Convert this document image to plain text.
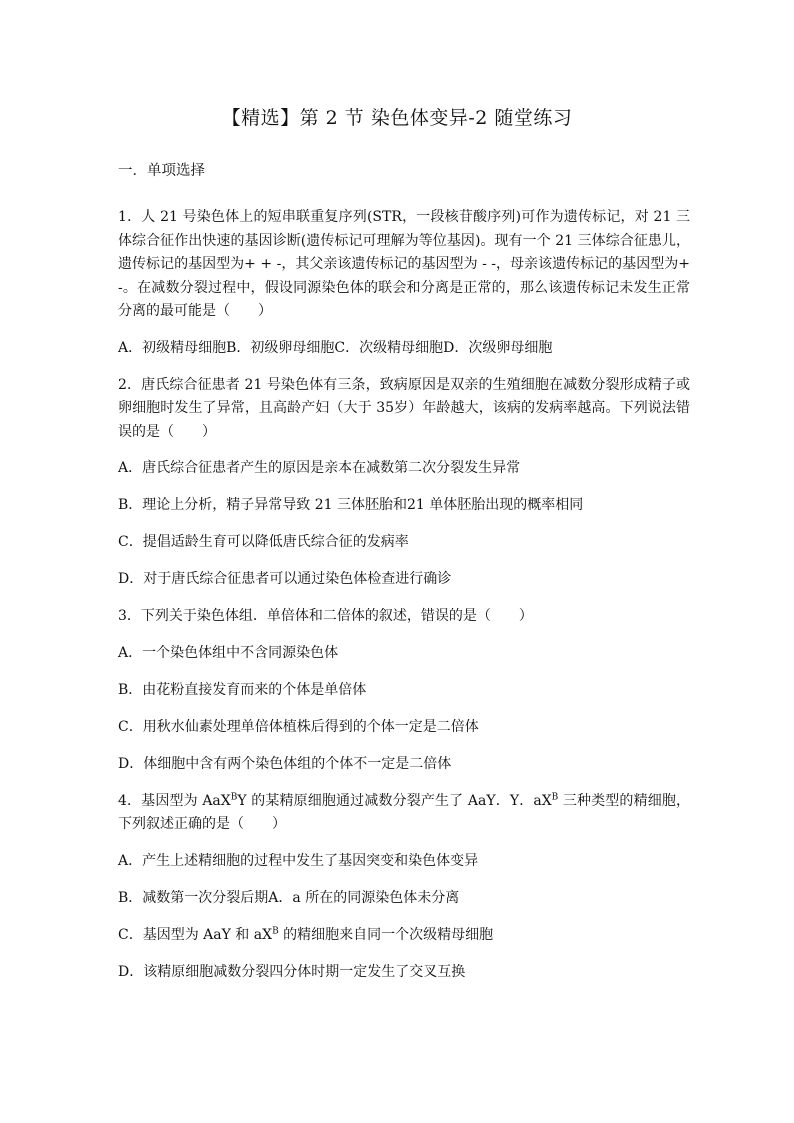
【精选】第 2 节 染色体变异-2 随堂练习
一．单项选择
1．人 21 号染色体上的短串联重复序列(STR，一段核苷酸序列)可作为遗传标记，对 21 三体综合征作出快速的基因诊断(遗传标记可理解为等位基因)。现有一个 21 三体综合征患儿，遗传标记的基因型为+ + -，其父亲该遗传标记的基因型为 - -，母亲该遗传标记的基因型为+ -。在减数分裂过程中，假设同源染色体的联会和分离是正常的，那么该遗传标记未发生正常分离的最可能是（　　）
A．初级精母细胞B．初级卵母细胞C．次级精母细胞D．次级卵母细胞
2．唐氏综合征患者 21 号染色体有三条，致病原因是双亲的生殖细胞在减数分裂形成精子或卵细胞时发生了异常，且高龄产妇（大于 35岁）年龄越大，该病的发病率越高。下列说法错误的是（　　）
A．唐氏综合征患者产生的原因是亲本在减数第二次分裂发生异常
B．理论上分析，精子异常导致 21 三体胚胎和21 单体胚胎出现的概率相同
C．提倡适龄生育可以降低唐氏综合征的发病率
D．对于唐氏综合征患者可以通过染色体检查进行确诊
3．下列关于染色体组．单倍体和二倍体的叙述，错误的是（　　）
A．一个染色体组中不含同源染色体
B．由花粉直接发育而来的个体是单倍体
C．用秋水仙素处理单倍体植株后得到的个体一定是二倍体
D．体细胞中含有两个染色体组的个体不一定是二倍体
4．基因型为 AaX$^B$Y 的某精原细胞通过减数分裂产生了 AaY．Y．$aX^B$ 三种类型的精细胞，下列叙述正确的是（　　）
A．产生上述精细胞的过程中发生了基因突变和染色体变异
B．减数第一次分裂后期A．a 所在的同源染色体未分离
C．基因型为 AaY 和 $aX^B$ 的精细胞来自同一个次级精母细胞
D．该精原细胞减数分裂四分体时期一定发生了交叉互换
